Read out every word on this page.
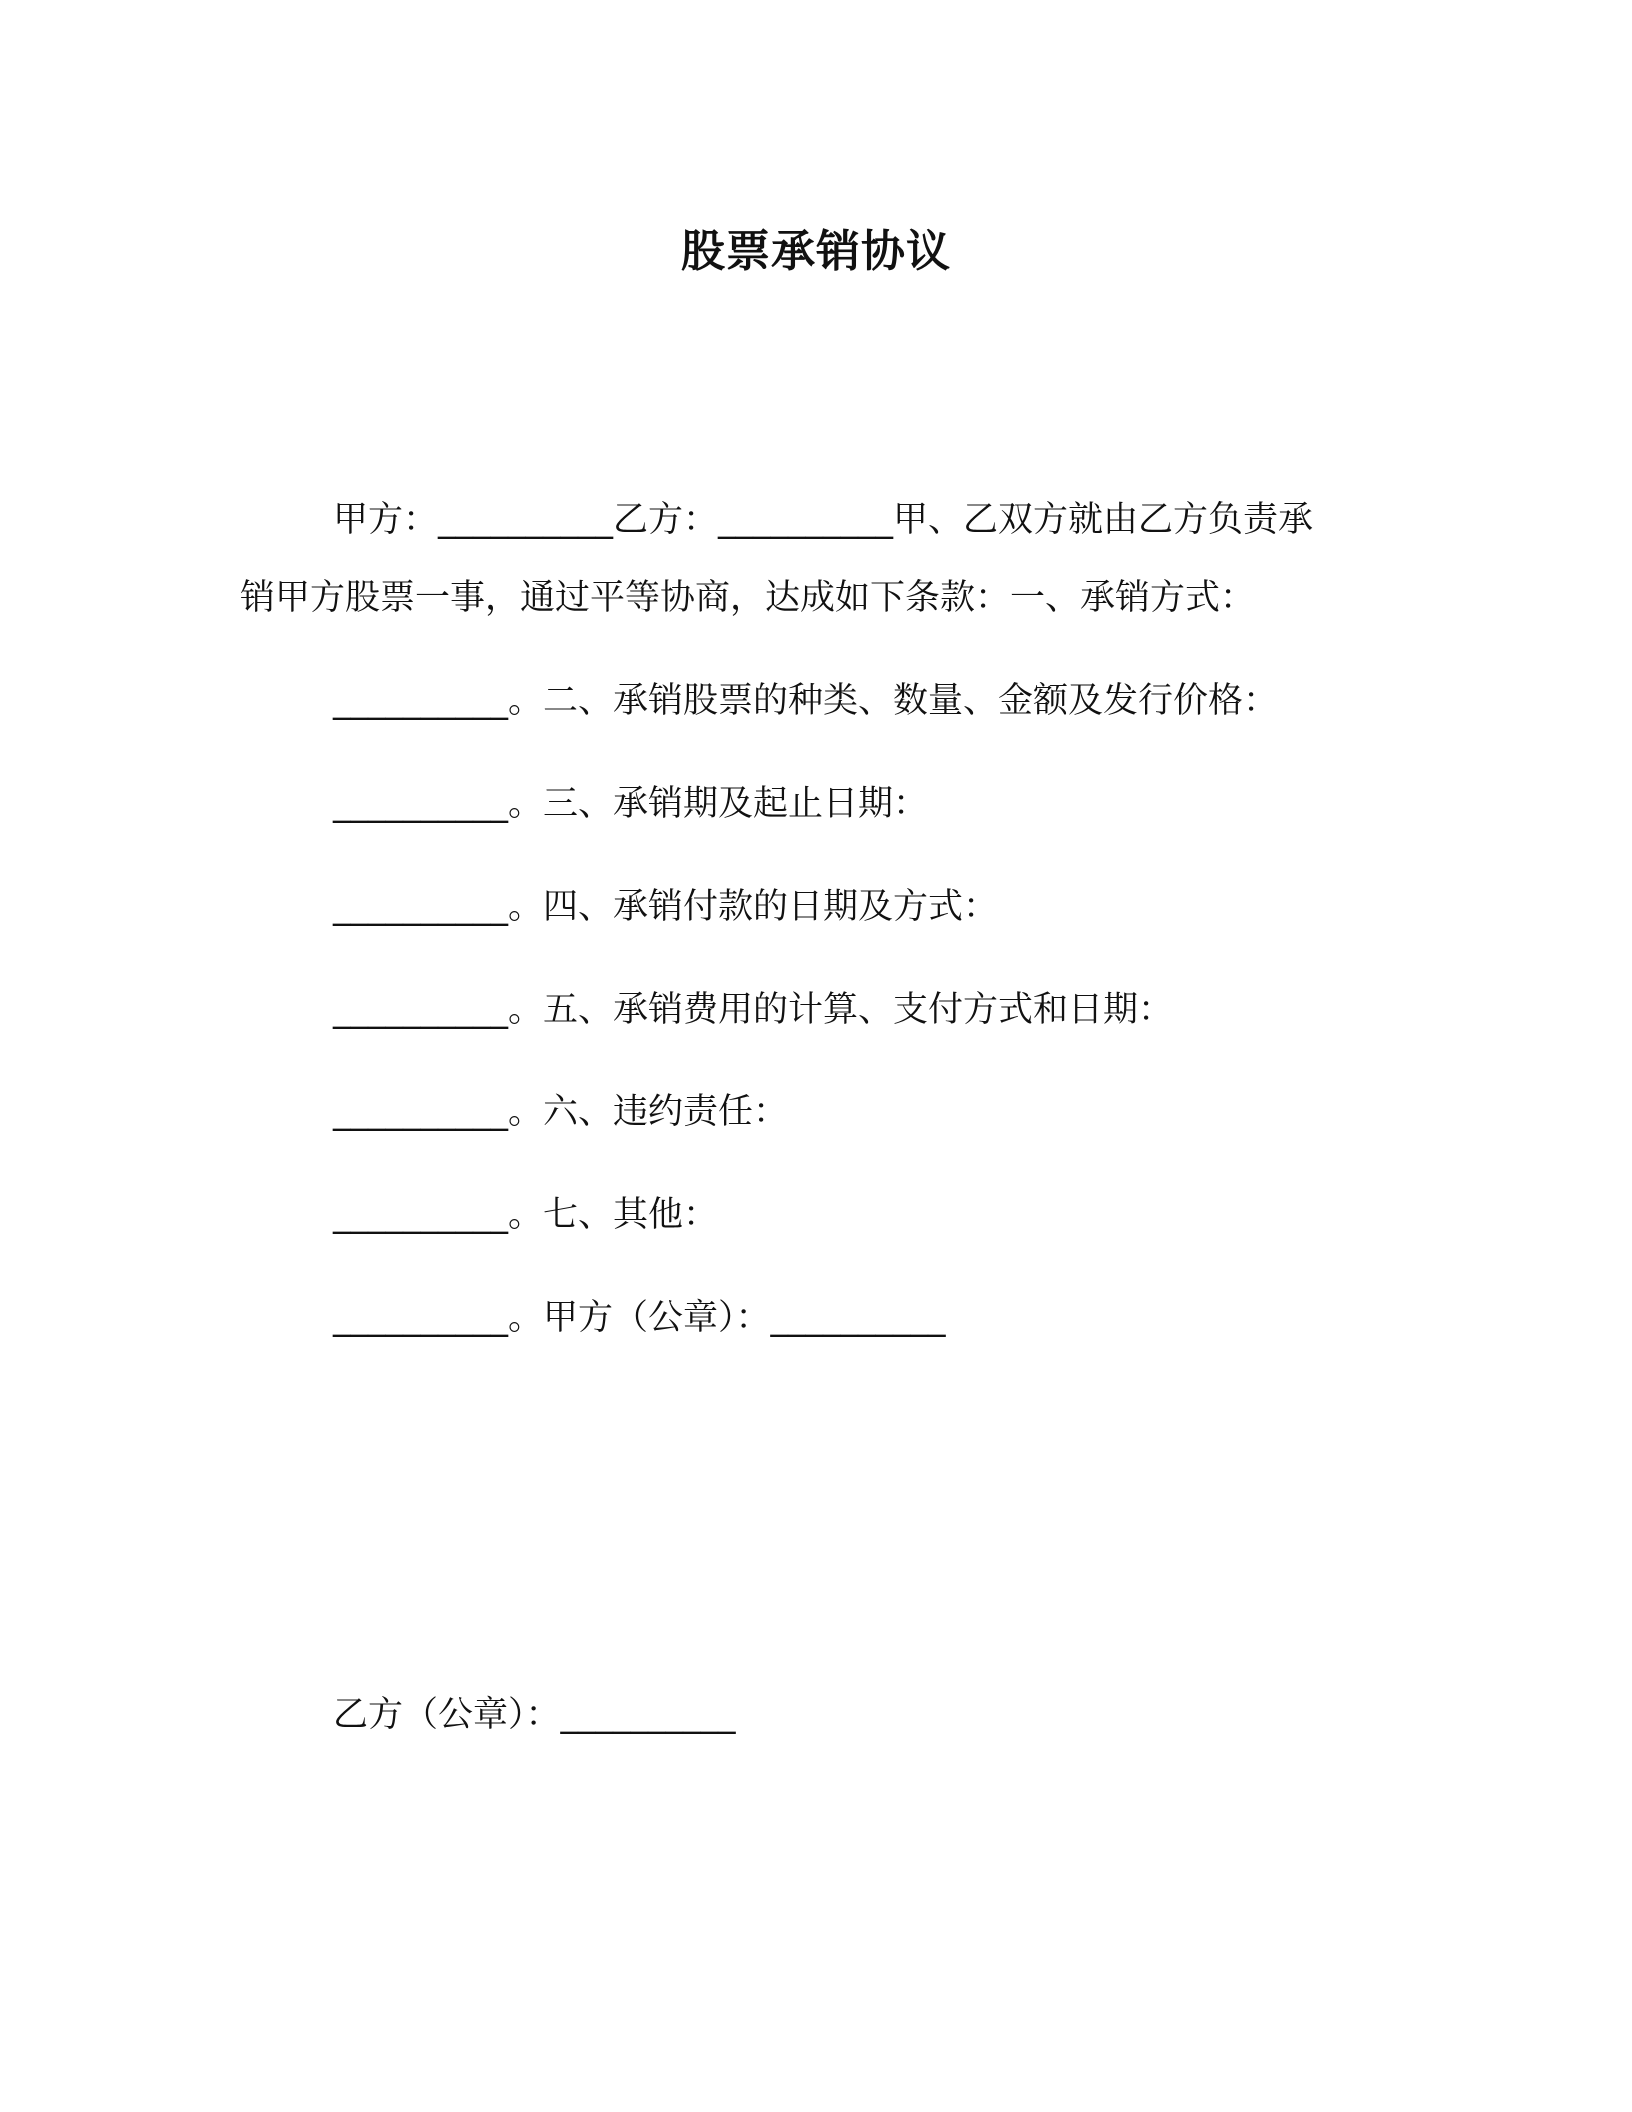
股票承销协议
甲方：__________乙方：__________甲、乙双方就由乙方负责承
销甲方股票一事，通过平等协商，达成如下条款：一、承销方式：
__________。二、承销股票的种类、数量、金额及发行价格：
__________。三、承销期及起止日期：
__________。四、承销付款的日期及方式：
__________。五、承销费用的计算、支付方式和日期：
__________。六、违约责任：
__________。七、其他：
__________。甲方（公章）：__________
乙方（公章）：__________
